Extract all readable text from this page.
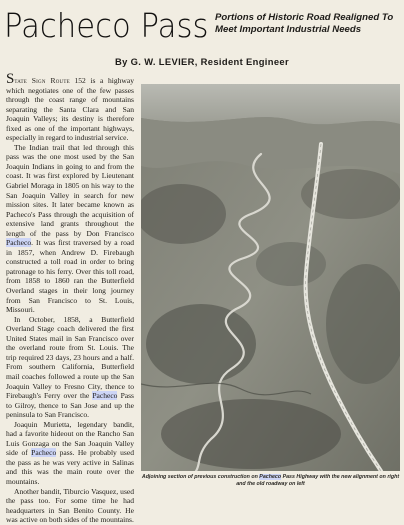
Pacheco Pass Portions of Historic Road Realigned To Meet Important Industrial Needs
By G. W. LEVIER, Resident Engineer

State Sign Route 152 is a highway which negotiates one of the few passes through the coast range of mountains separating the Santa Clara and San Joaquin Valleys; its destiny is therefore fixed as one of the important highways, especially in regard to industrial service.

The Indian trail that led through this pass was the one most used by the San Joaquin Indians in going to and from the coast. It was first explored by Lieutenant Gabriel Moraga in 1805 on his way to the San Joaquin Valley in search for new mission sites. It later became known as Pacheco's Pass through the acquisition of extensive land grants throughout the length of the pass by Don Francisco Pacheco. It was first traversed by a road in 1857, when Andrew D. Firebaugh constructed a toll road in order to bring patronage to his ferry. Over this toll road, from 1858 to 1860 ran the Butterfield Overland stages in their long journey from San Francisco to St. Louis, Missouri.

In October, 1858, a Butterfield Overland Stage coach delivered the first United States mail in San Francisco over the overland route from St. Louis. The trip required 23 days, 23 hours and a half. From southern California, Butterfield mail coaches followed a route up the San Joaquin Valley to Fresno City, thence to Firebaugh's Ferry over the Pacheco Pass to Gilroy, thence to San Jose and up the peninsula to San Francisco.

Joaquin Murietta, legendary bandit, had a favorite hideout on the Rancho San Luis Gonzaga on the San Joaquin Valley side of Pacheco pass. He probably used the pass as he was very active in Salinas and this was the main route over the mountains.

Another bandit, Tiburcio Vasquez, used the pass too. For some time he had headquarters in San Benito County. He was active on both sides of the mountains.

Adjoining section of previous construction on Pacheco Pass Highway with the new alignment on right and the old roadway on left
